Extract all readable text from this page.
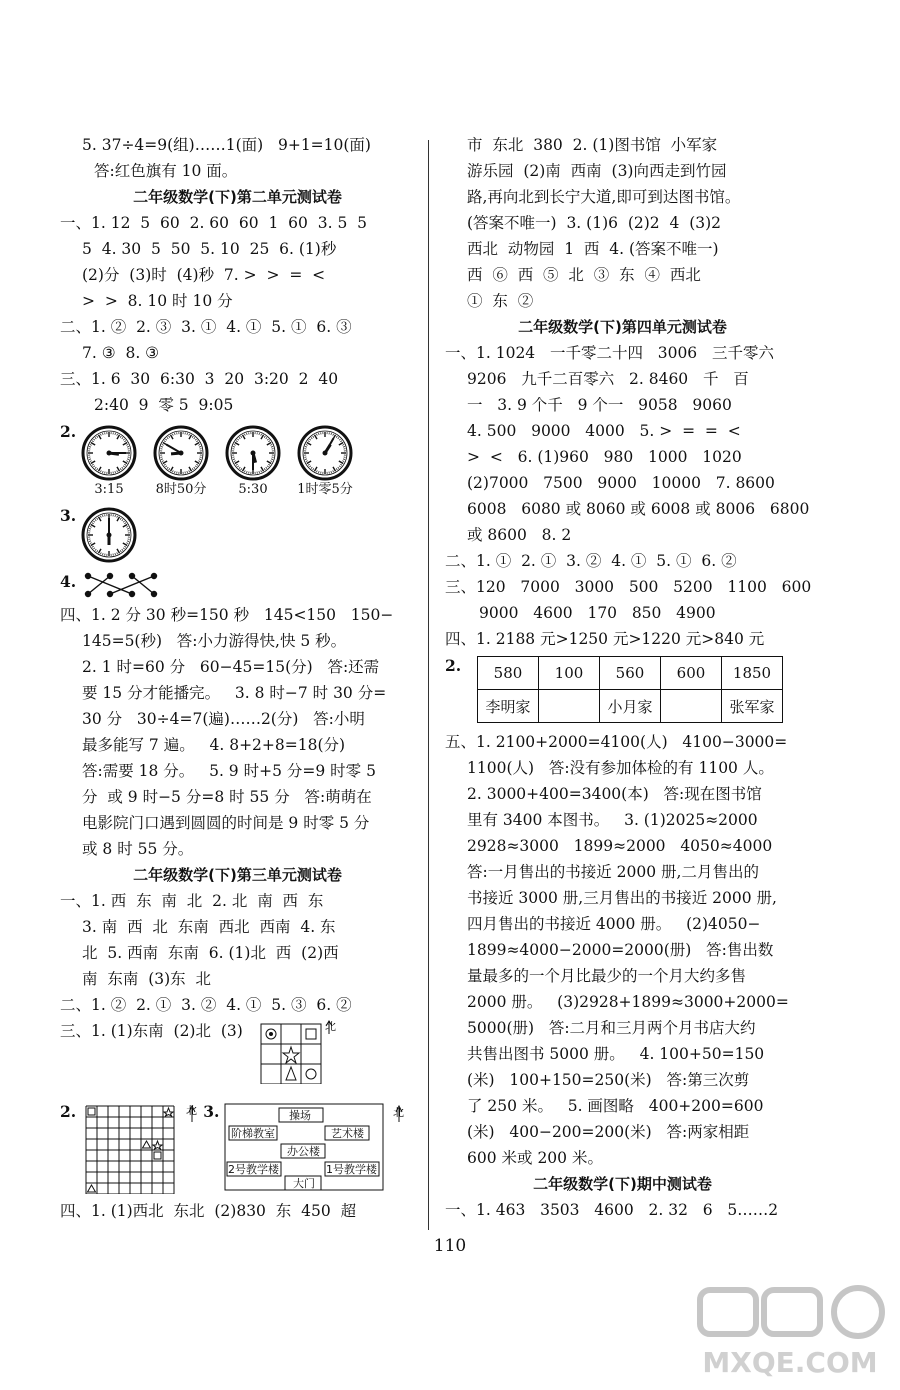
5. 37÷4=9(组)……1(面)   9+1=10(面)
答:红色旗有 10 面。
二年级数学(下)第二单元测试卷
一、1. 12  5  60  2. 60  60  1  60  3. 5  5
5  4. 30  5  50  5. 10  25  6. (1)秒
(2)分  (3)时  (4)秒  7. >  >  =  <
>  >  8. 10 时 10 分
二、1. ②  2. ③  3. ①  4. ①  5. ①  6. ③
7. ③  8. ③
三、1. 6  30  6:30  3  20  3:20  2  40
2:40  9  零 5  9:05
2.
3:15 8时50分 5:30 1时零5分
3.
4.
四、1. 2 分 30 秒=150 秒   145<150   150−
145=5(秒)   答:小力游得快,快 5 秒。
2. 1 时=60 分   60−45=15(分)   答:还需
要 15 分才能播完。   3. 8 时−7 时 30 分=
30 分   30÷4=7(遍)……2(分)   答:小明
最多能写 7 遍。   4. 8+2+8=18(分)
答:需要 18 分。   5. 9 时+5 分=9 时零 5
分  或 9 时−5 分=8 时 55 分   答:萌萌在
电影院门口遇到圆圆的时间是 9 时零 5 分
或 8 时 55 分。
二年级数学(下)第三单元测试卷
一、1. 西  东  南  北  2. 北  南  西  东
3. 南  西  北  东南  西北  西南  4. 东
北  5. 西南  东南  6. (1)北  西  (2)西
南  东南  (3)东  北
二、1. ②  2. ①  3. ②  4. ①  5. ③  6. ②
三、1. (1)东南  (2)北  (3)	北
2.	北 3.	操场
阶梯教室	艺术楼
办公楼
2号教学楼	1号教学楼
大门
北
四、1. (1)西北  东北  (2)830  东  450  超
市  东北  380  2. (1)图书馆  小军家
游乐园  (2)南  西南  (3)向西走到竹园
路,再向北到长宁大道,即可到达图书馆。
(答案不唯一)  3. (1)6  (2)2  4  (3)2
西北  动物园  1  西  4. (答案不唯一)
西  ⑥  西  ⑤  北  ③  东  ④  西北
①  东  ②
二年级数学(下)第四单元测试卷
一、1. 1024   一千零二十四   3006   三千零六
9206   九千二百零六   2. 8460   千   百
一   3. 9 个千   9 个一   9058   9060
4. 500   9000   4000   5. >  =  =  <
>  <   6. (1)960   980   1000   1020
(2)7000   7500   9000   10000   7. 8600
6008   6080 或 8060 或 6008 或 8006   6800
或 8600   8. 2
二、1. ①  2. ①  3. ②  4. ①  5. ①  6. ②
三、120   7000   3000   500   5200   1100   600
9000   4600   170   850   4900
四、1. 2188 元>1250 元>1220 元>840 元
2. 580	100	560	600	1850
李明家		小月家		张军家
五、1. 2100+2000=4100(人)   4100−3000=
1100(人)   答:没有参加体检的有 1100 人。
2. 3000+400=3400(本)   答:现在图书馆
里有 3400 本图书。   3. (1)2025≈2000
2928≈3000   1899≈2000   4050≈4000
答:一月售出的书接近 2000 册,二月售出的
书接近 3000 册,三月售出的书接近 2000 册,
四月售出的书接近 4000 册。   (2)4050−
1899≈4000−2000=2000(册)   答:售出数
量最多的一个月比最少的一个月大约多售
2000 册。   (3)2928+1899≈3000+2000=
5000(册)   答:二月和三月两个月书店大约
共售出图书 5000 册。   4. 100+50=150
(米)   100+150=250(米)   答:第三次剪
了 250 米。   5. 画图略   400+200=600
(米)   400−200=200(米)   答:两家相距
600 米或 200 米。
二年级数学(下)期中测试卷
一、1. 463   3503   4600   2. 32   6   5……2
110
MXQE.COM
